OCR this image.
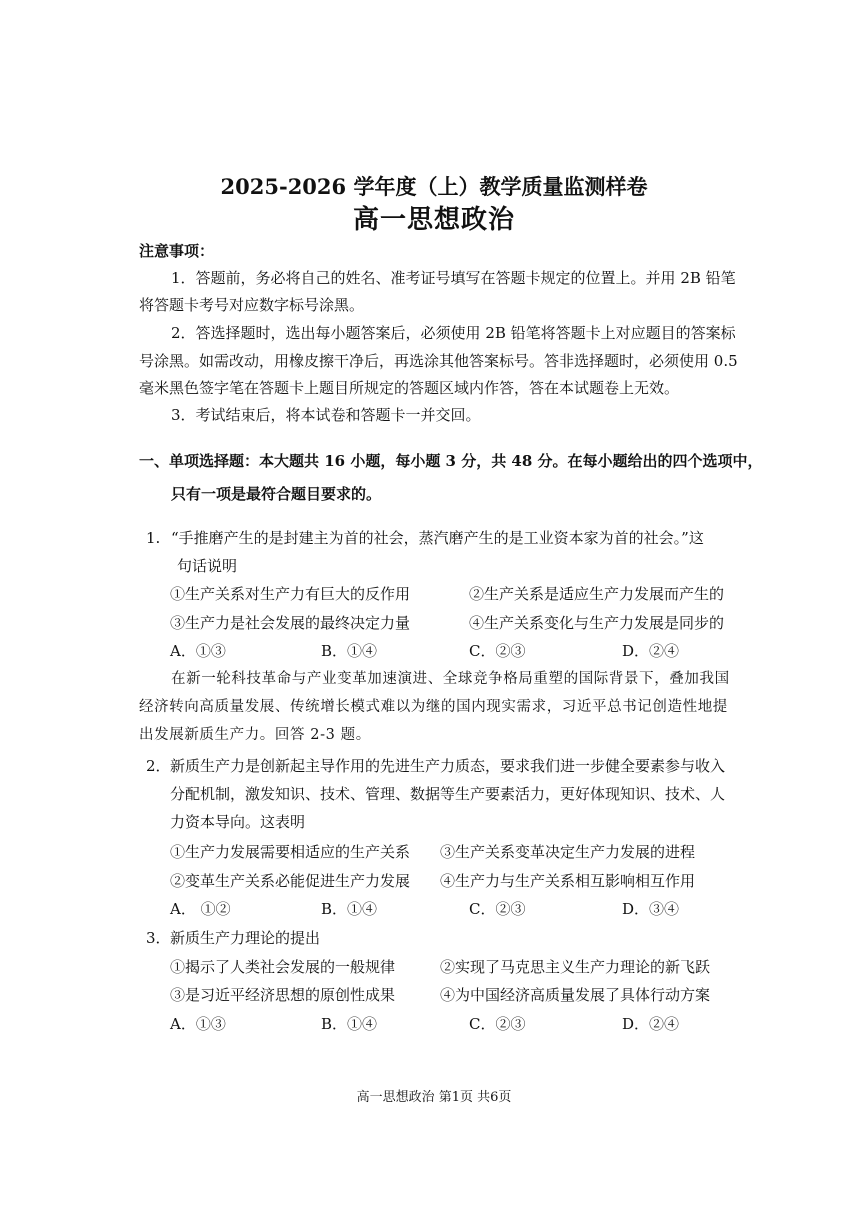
2025-2026 学年度（上）教学质量监测样卷
高一思想政治
注意事项：
1．答题前，务必将自己的姓名、准考证号填写在答题卡规定的位置上。并用 2B 铅笔
将答题卡考号对应数字标号涂黑。
2．答选择题时，选出每小题答案后，必须使用 2B 铅笔将答题卡上对应题目的答案标
号涂黑。如需改动，用橡皮擦干净后，再选涂其他答案标号。答非选择题时，必须使用 0.5
毫米黑色签字笔在答题卡上题目所规定的答题区域内作答，答在本试题卷上无效。
3．考试结束后，将本试卷和答题卡一并交回。
一、单项选择题：本大题共 16 小题，每小题 3 分，共 48 分。在每小题给出的四个选项中，
只有一项是最符合题目要求的。
1. “手推磨产生的是封建主为首的社会，蒸汽磨产生的是工业资本家为首的社会。”这
句话说明
①生产关系对生产力有巨大的反作用	②生产关系是适应生产力发展而产生的
③生产力是社会发展的最终决定力量	④生产关系变化与生产力发展是同步的
A．①③	B．①④	C．②③	D．②④
在新一轮科技革命与产业变革加速演进、全球竞争格局重塑的国际背景下，叠加我国
经济转向高质量发展、传统增长模式难以为继的国内现实需求，习近平总书记创造性地提
出发展新质生产力。回答 2-3 题。
2． 新质生产力是创新起主导作用的先进生产力质态，要求我们进一步健全要素参与收入
分配机制，激发知识、技术、管理、数据等生产要素活力，更好体现知识、技术、人
力资本导向。这表明
①生产力发展需要相适应的生产关系 ③生产关系变革决定生产力发展的进程
②变革生产关系必能促进生产力发展 ④生产力与生产关系相互影响相互作用
A． ①②	B．①④	C．②③	D．③④
3． 新质生产力理论的提出
①揭示了人类社会发展的一般规律	②实现了马克思主义生产力理论的新飞跃
③是习近平经济思想的原创性成果	④为中国经济高质量发展了具体行动方案
A．①③	B．①④	C．②③	D．②④
高一思想政治 第1页 共6页
